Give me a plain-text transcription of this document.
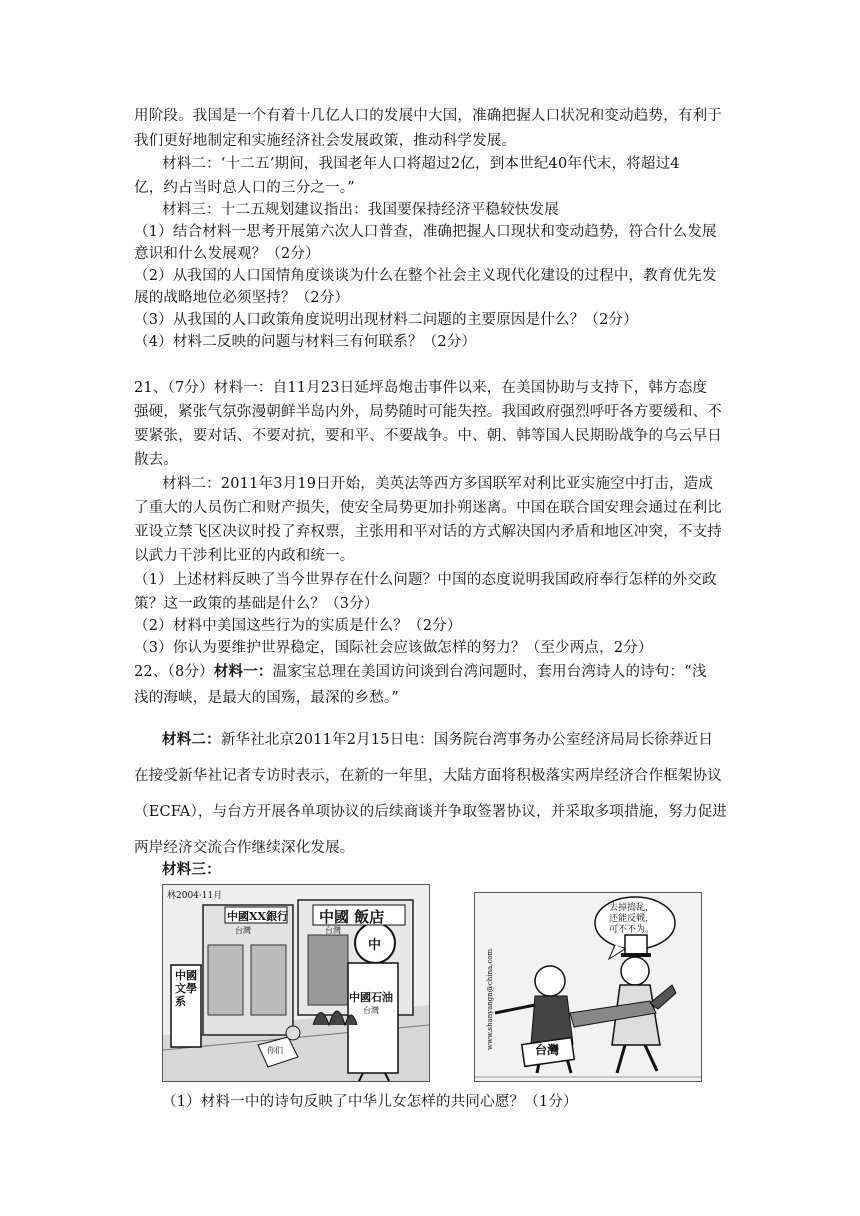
用阶段。我国是一个有着十几亿人口的发展中大国，准确把握人口状况和变动趋势，有利于
我们更好地制定和实施经济社会发展政策，推动科学发展。
材料二：‘十二五’期间，我国老年人口将超过2亿，到本世纪40年代末，将超过4
亿，约占当时总人口的三分之一。”
材料三：十二五规划建议指出：我国要保持经济平稳较快发展
（1）结合材料一思考开展第六次人口普查，准确把握人口现状和变动趋势，符合什么发展
意识和什么发展观？（2分）
（2）从我国的人口国情角度谈谈为什么在整个社会主义现代化建设的过程中，教育优先发
展的战略地位必须坚持？（2分）
（3）从我国的人口政策角度说明出现材料二问题的主要原因是什么？（2分）
（4）材料二反映的问题与材料三有何联系？（2分）
21、（7分）材料一：自11月23日延坪岛炮击事件以来，在美国协助与支持下，韩方态度
强硬，紧张气氛弥漫朝鲜半岛内外，局势随时可能失控。我国政府强烈呼吁各方要缓和、不
要紧张，要对话、不要对抗，要和平、不要战争。中、朝、韩等国人民期盼战争的乌云早日
散去。
材料二：2011年3月19日开始，美英法等西方多国联军对利比亚实施空中打击，造成
了重大的人员伤亡和财产损失，使安全局势更加扑朔迷离。中国在联合国安理会通过在利比
亚设立禁飞区决议时投了弃权票，主张用和平对话的方式解决国内矛盾和地区冲突，不支持
以武力干涉利比亚的内政和统一。
（1）上述材料反映了当今世界存在什么问题？中国的态度说明我国政府奉行怎样的外交政
策？这一政策的基础是什么？（3分）
（2）材料中美国这些行为的实质是什么？（2分）
（3）你认为要维护世界稳定，国际社会应该做怎样的努力？（至少两点，2分）
22、（8分）材料一：温家宝总理在美国访问谈到台湾问题时，套用台湾诗人的诗句：“浅
浅的海峡，是最大的国殇，最深的乡愁。”
材料二：新华社北京2011年2月15日电：国务院台湾事务办公室经济局局长徐莽近日
在接受新华社记者专访时表示，在新的一年里，大陆方面将积极落实两岸经济合作框架协议
（ECFA），与台方开展各单项协议的后续商谈并争取签署协议，并采取多项措施，努力促进
两岸经济交流合作继续深化发展。
材料三：
林2004·11月
中國XX銀行
台灣
中國 飯店
台灣
中
中國石油
台灣
中國文學系
你们
去掉捣乱，还能反戦，可不不为。
台灣
www.shanyangn@china.com
（1）材料一中的诗句反映了中华儿女怎样的共同心愿？（1分）
